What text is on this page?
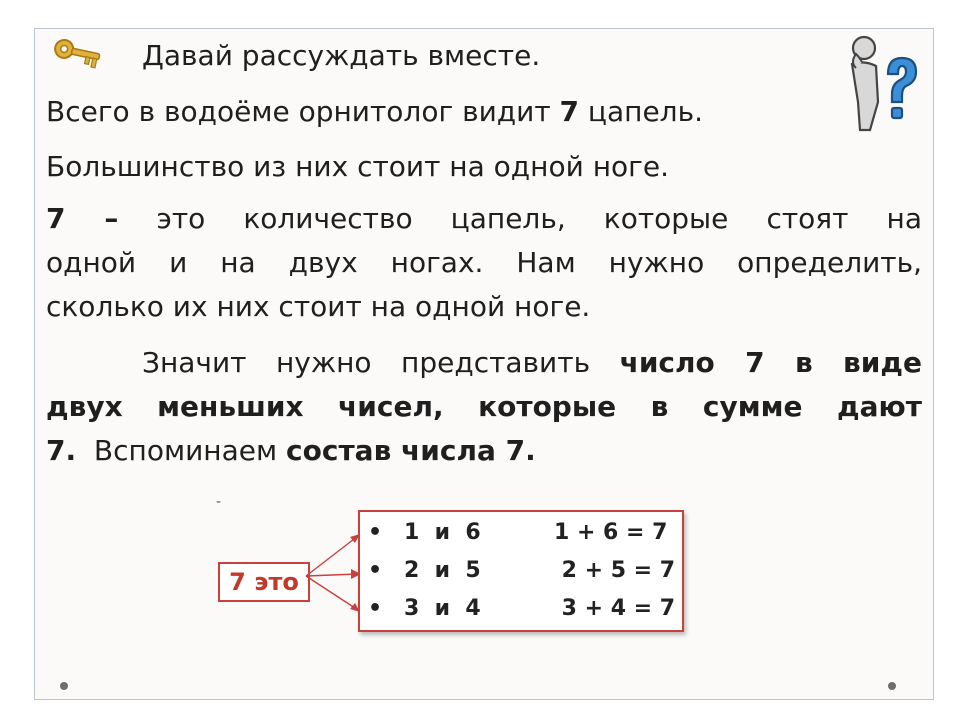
Давай рассуждать вместе.
Всего в водоёме орнитолог видит 7 цапель.
Большинство из них стоит на одной ноге.
7 – это количество цапель, которые стоят на
одной и на двух ногах. Нам нужно определить,
сколько их них стоит на одной ноге.
Значит нужно представить число 7 в виде
двух меньших чисел, которые в сумме дают
7.  Вспоминаем состав числа 7.
-
7 это
• 1  и  6	1 + 6 = 7
• 2  и  5	2 + 5 = 7
• 3  и  4	3 + 4 = 7
